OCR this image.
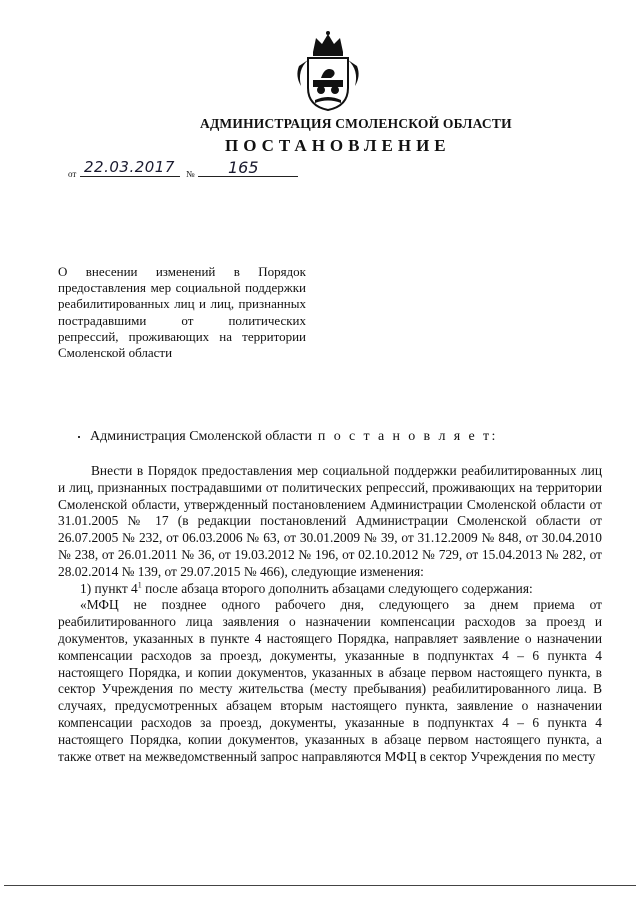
АДМИНИСТРАЦИЯ СМОЛЕНСКОЙ ОБЛАСТИ
ПОСТАНОВЛЕНИЕ
от 22.03.2017 № 165

О внесении изменений в Порядок предоставления мер социальной поддержки реабилитированных лиц и лиц, признанных пострадавшими от политических репрессий, проживающих на территории Смоленской области

Администрация Смоленской области п о с т а н о в л я е т:

Внести в Порядок предоставления мер социальной поддержки реабилитированных лиц и лиц, признанных пострадавшими от политических репрессий, проживающих на территории Смоленской области, утвержденный постановлением Администрации Смоленской области от 31.01.2005 № 17 (в редакции постановлений Администрации Смоленской области от 26.07.2005 № 232, от 06.03.2006 № 63, от 30.01.2009 № 39, от 31.12.2009 № 848, от 30.04.2010 № 238, от 26.01.2011 № 36, от 19.03.2012 № 196, от 02.10.2012 № 729, от 15.04.2013 № 282, от 28.02.2014 № 139, от 29.07.2015 № 466), следующие изменения:

1) пункт $4^1$ после абзаца второго дополнить абзацами следующего содержания:

«МФЦ не позднее одного рабочего дня, следующего за днем приема от реабилитированного лица заявления о назначении компенсации расходов за проезд и документов, указанных в пункте 4 настоящего Порядка, направляет заявление о назначении компенсации расходов за проезд, документы, указанные в подпунктах 4 – 6 пункта 4 настоящего Порядка, и копии документов, указанных в абзаце первом настоящего пункта, в сектор Учреждения по месту жительства (месту пребывания) реабилитированного лица. В случаях, предусмотренных абзацем вторым настоящего пункта, заявление о назначении компенсации расходов за проезд, документы, указанные в подпунктах 4 – 6 пункта 4 настоящего Порядка, копии документов, указанных в абзаце первом настоящего пункта, а также ответ на межведомственный запрос направляются МФЦ в сектор Учреждения по месту
